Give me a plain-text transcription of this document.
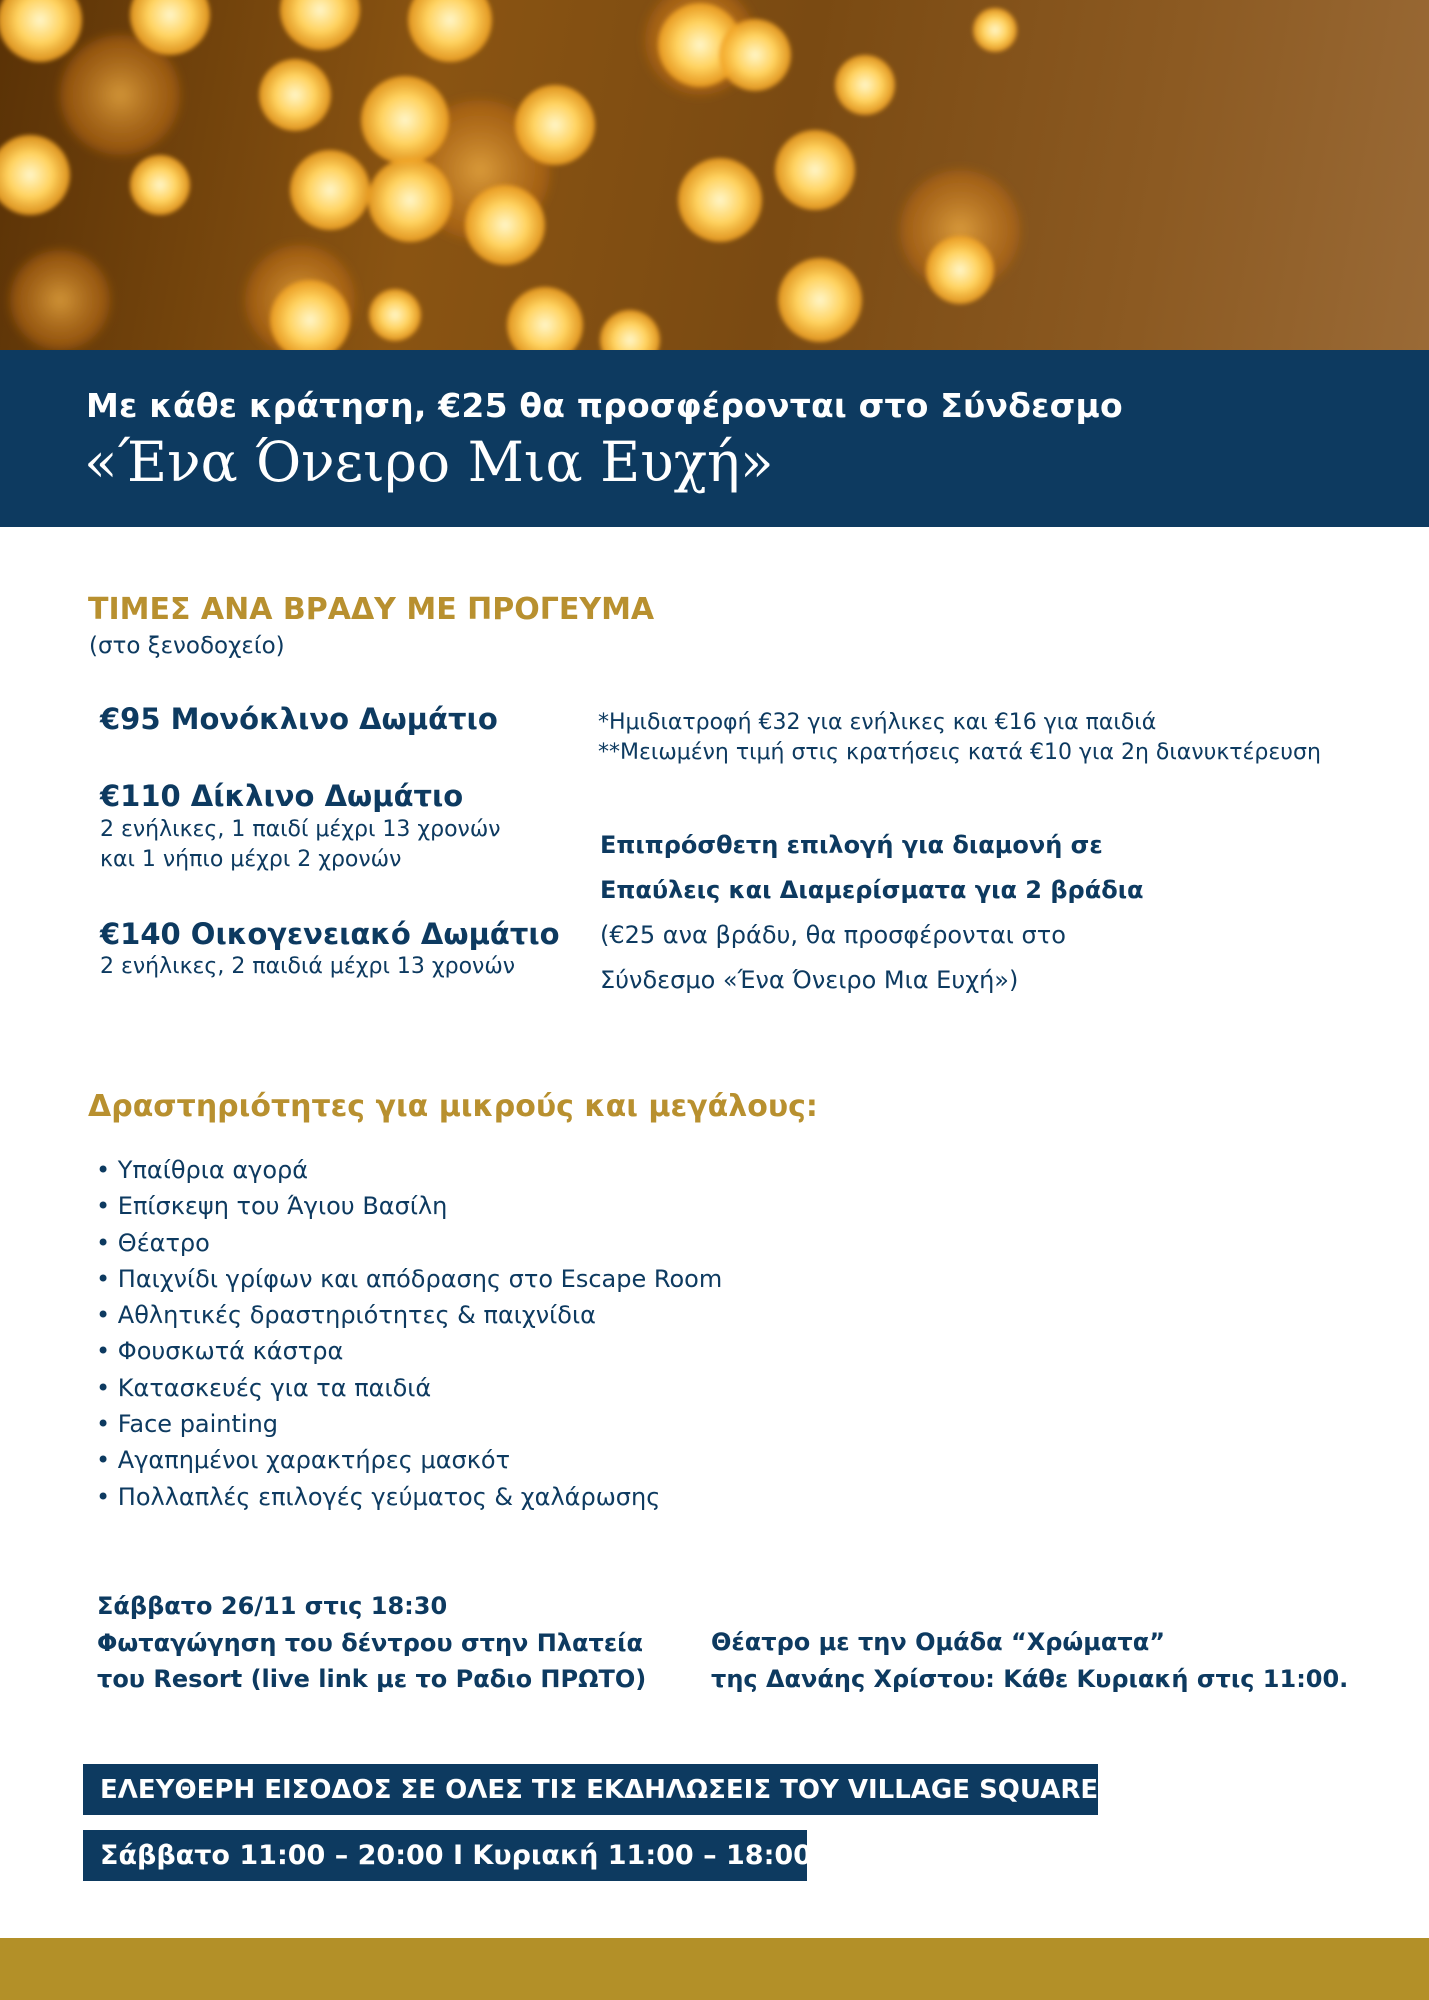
Με κάθε κράτηση, €25 θα προσφέρονται στο Σύνδεσμο
«Ένα Όνειρο Μια Ευχή»
ΤΙΜΕΣ ΑΝΑ ΒΡΑΔΥ ΜΕ ΠΡΟΓΕΥΜΑ
(στο ξενοδοχείο)
€95 Μονόκλινο Δωμάτιο
€110 Δίκλινο Δωμάτιο
2 ενήλικες, 1 παιδί μέχρι 13 χρονών
και 1 νήπιο μέχρι 2 χρονών
€140 Οικογενειακό Δωμάτιο
2 ενήλικες, 2 παιδιά μέχρι 13 χρονών
*Ημιδιατροφή €32 για ενήλικες και €16 για παιδιά
**Μειωμένη τιμή στις κρατήσεις κατά €10 για 2η διανυκτέρευση
Επιπρόσθετη επιλογή για διαμονή σε
Επαύλεις και Διαμερίσματα για 2 βράδια
(€25 ανα βράδυ, θα προσφέρονται στο
Σύνδεσμο «Ένα Όνειρο Μια Ευχή»)
Δραστηριότητες για μικρούς και μεγάλους:
• Υπαίθρια αγορά
• Επίσκεψη του Άγιου Βασίλη
• Θέατρο
• Παιχνίδι γρίφων και απόδρασης στο Escape Room
• Αθλητικές δραστηριότητες & παιχνίδια
• Φουσκωτά κάστρα
• Κατασκευές για τα παιδιά
• Face painting
• Αγαπημένοι χαρακτήρες μασκότ
• Πολλαπλές επιλογές γεύματος & χαλάρωσης
Σάββατο 26/11 στις 18:30
Φωταγώγηση του δέντρου στην Πλατεία
του Resort (live link με το Ραδιο ΠΡΩΤΟ)
Θέατρο με την Ομάδα “Χρώματα”
της Δανάης Χρίστου: Κάθε Κυριακή στις 11:00.
ΕΛΕΥΘΕΡΗ ΕΙΣΟΔΟΣ ΣΕ ΟΛΕΣ ΤΙΣ ΕΚΔΗΛΩΣΕΙΣ ΤΟΥ VILLAGE SQUARE
Σάββατο 11:00 – 20:00 Ι Κυριακή 11:00 – 18:00
